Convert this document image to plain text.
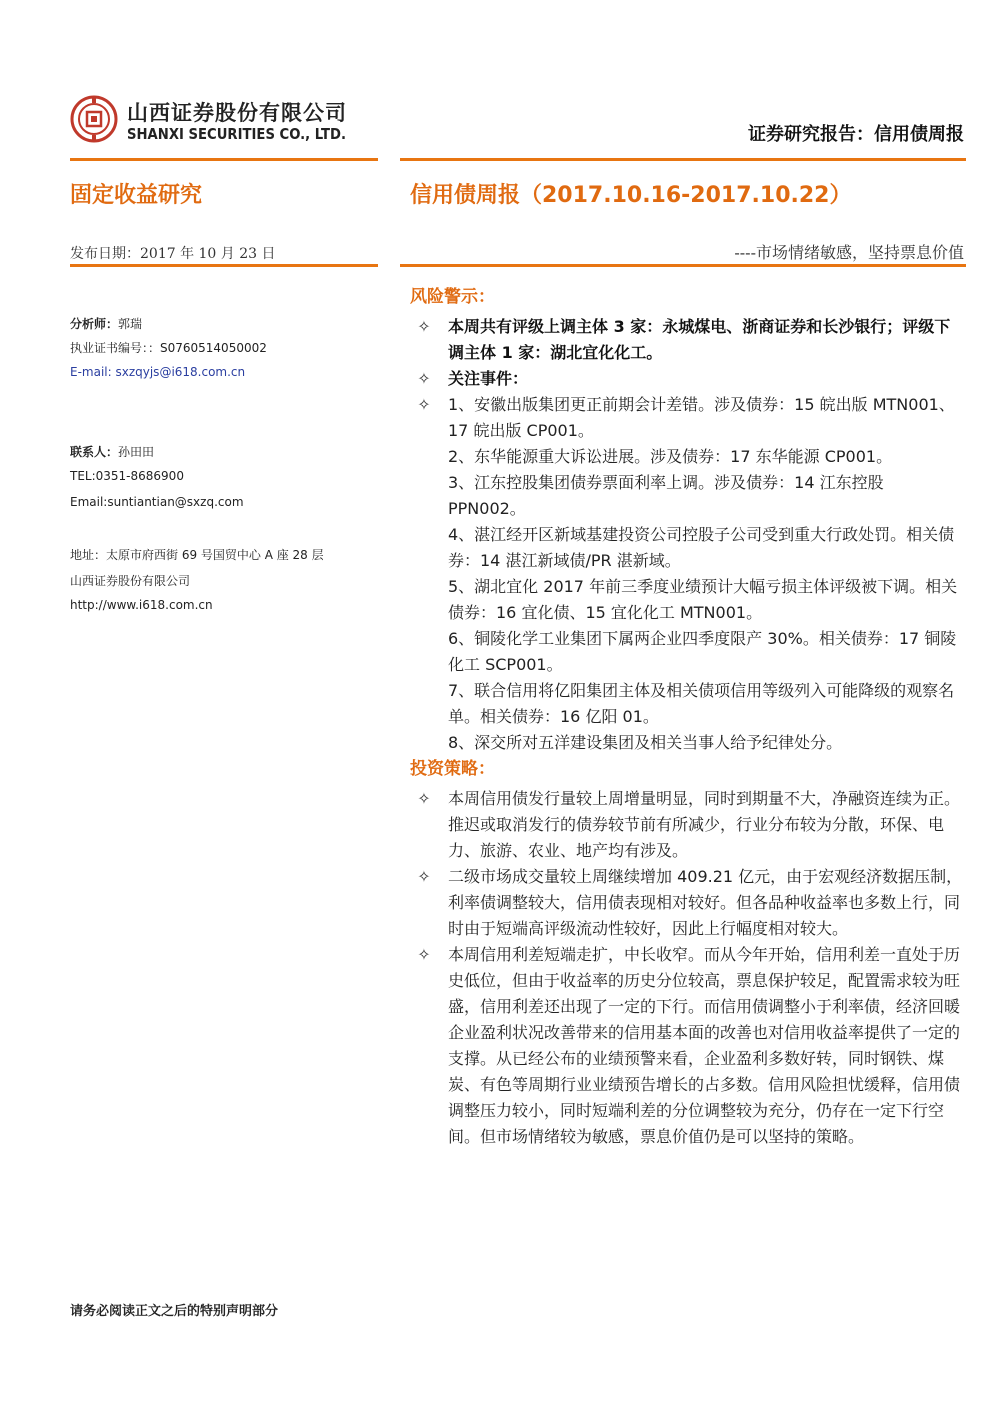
山西证券股份有限公司
SHANXI SECURITIES CO., LTD.	证券研究报告：信用债周报
固定收益研究	信用债周报（2017.10.16-2017.10.22）
发布日期：2017 年 10 月 23 日	----市场情绪敏感，坚持票息价值
分析师：郭瑞
执业证书编号：：S0760514050002
E-mail: sxzqyjs@i618.com.cn
联系人：孙田田
TEL:0351-8686900
Email:suntiantian@sxzq.com
地址：太原市府西街 69 号国贸中心 A 座 28 层
山西证券股份有限公司
http://www.i618.com.cn
风险警示：
✧ 本周共有评级上调主体 3 家：永城煤电、浙商证券和长沙银行；评级下调主体 1 家：湖北宜化化工。
✧ 关注事件：
✧ 1、安徽出版集团更正前期会计差错。涉及债券：15 皖出版 MTN001、17 皖出版 CP001。
2、东华能源重大诉讼进展。涉及债券：17 东华能源 CP001。
3、江东控股集团债券票面利率上调。涉及债券：14 江东控股 PPN002。
4、湛江经开区新域基建投资公司控股子公司受到重大行政处罚。相关债券：14 湛江新域债/PR 湛新域。
5、湖北宜化 2017 年前三季度业绩预计大幅亏损主体评级被下调。相关债券：16 宜化债、15 宜化化工 MTN001。
6、铜陵化学工业集团下属两企业四季度限产 30%。相关债券：17 铜陵化工 SCP001。
7、联合信用将亿阳集团主体及相关债项信用等级列入可能降级的观察名单。相关债券：16 亿阳 01。
8、深交所对五洋建设集团及相关当事人给予纪律处分。
投资策略：
✧ 本周信用债发行量较上周增量明显，同时到期量不大，净融资连续为正。推迟或取消发行的债券较节前有所减少，行业分布较为分散，环保、电力、旅游、农业、地产均有涉及。
✧ 二级市场成交量较上周继续增加 409.21 亿元，由于宏观经济数据压制，利率债调整较大，信用债表现相对较好。但各品种收益率也多数上行，同时由于短端高评级流动性较好，因此上行幅度相对较大。
✧ 本周信用利差短端走扩，中长收窄。而从今年开始，信用利差一直处于历史低位，但由于收益率的历史分位较高，票息保护较足，配置需求较为旺盛，信用利差还出现了一定的下行。而信用债调整小于利率债，经济回暖企业盈利状况改善带来的信用基本面的改善也对信用收益率提供了一定的支撑。从已经公布的业绩预警来看，企业盈利多数好转，同时钢铁、煤炭、有色等周期行业业绩预告增长的占多数。信用风险担忧缓释，信用债调整压力较小，同时短端利差的分位调整较为充分，仍存在一定下行空间。但市场情绪较为敏感，票息价值仍是可以坚持的策略。
请务必阅读正文之后的特别声明部分
